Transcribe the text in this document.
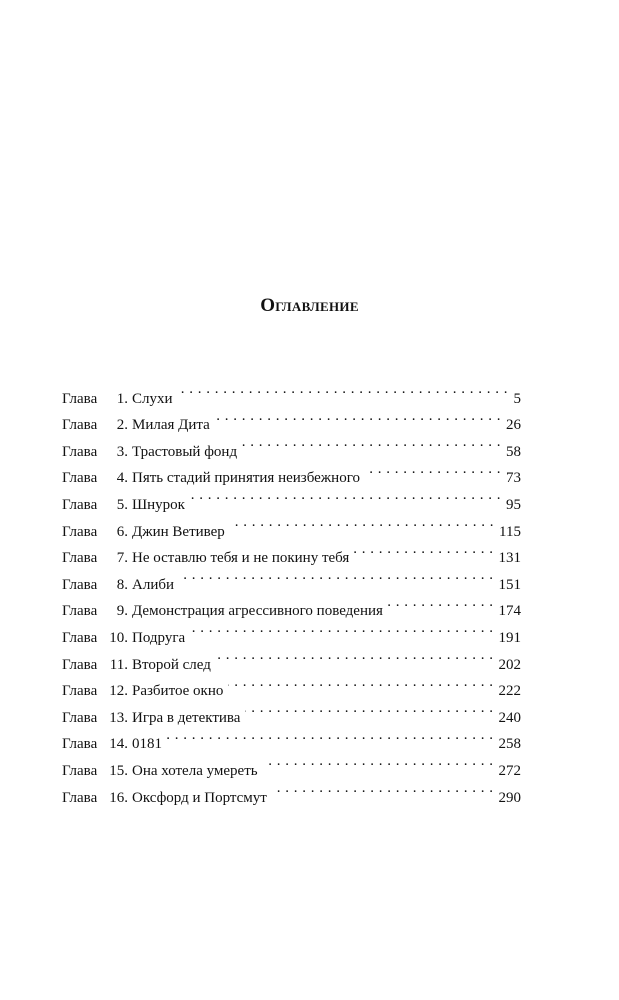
Оглавление
Глава	1. Слухи . . .	5
Глава	2. Милая Дита . . .	26
Глава	3. Трастовый фонд . . .	58
Глава	4. Пять стадий принятия неизбежного . . .	73
Глава	5. Шнурок . . .	95
Глава	6. Джин Ветивер . . .	115
Глава	7. Не оставлю тебя и не покину тебя . . .	131
Глава	8. Алиби . . .	151
Глава	9. Демонстрация агрессивного поведения . . .	174
Глава 10. Подруга . . .	191
Глава 11. Второй след . . .	202
Глава 12. Разбитое окно . . .	222
Глава 13. Игра в детектива . . .	240
Глава 14. 0181 . . .	258
Глава 15. Она хотела умереть . . .	272
Глава 16. Оксфорд и Портсмут . . .	290
